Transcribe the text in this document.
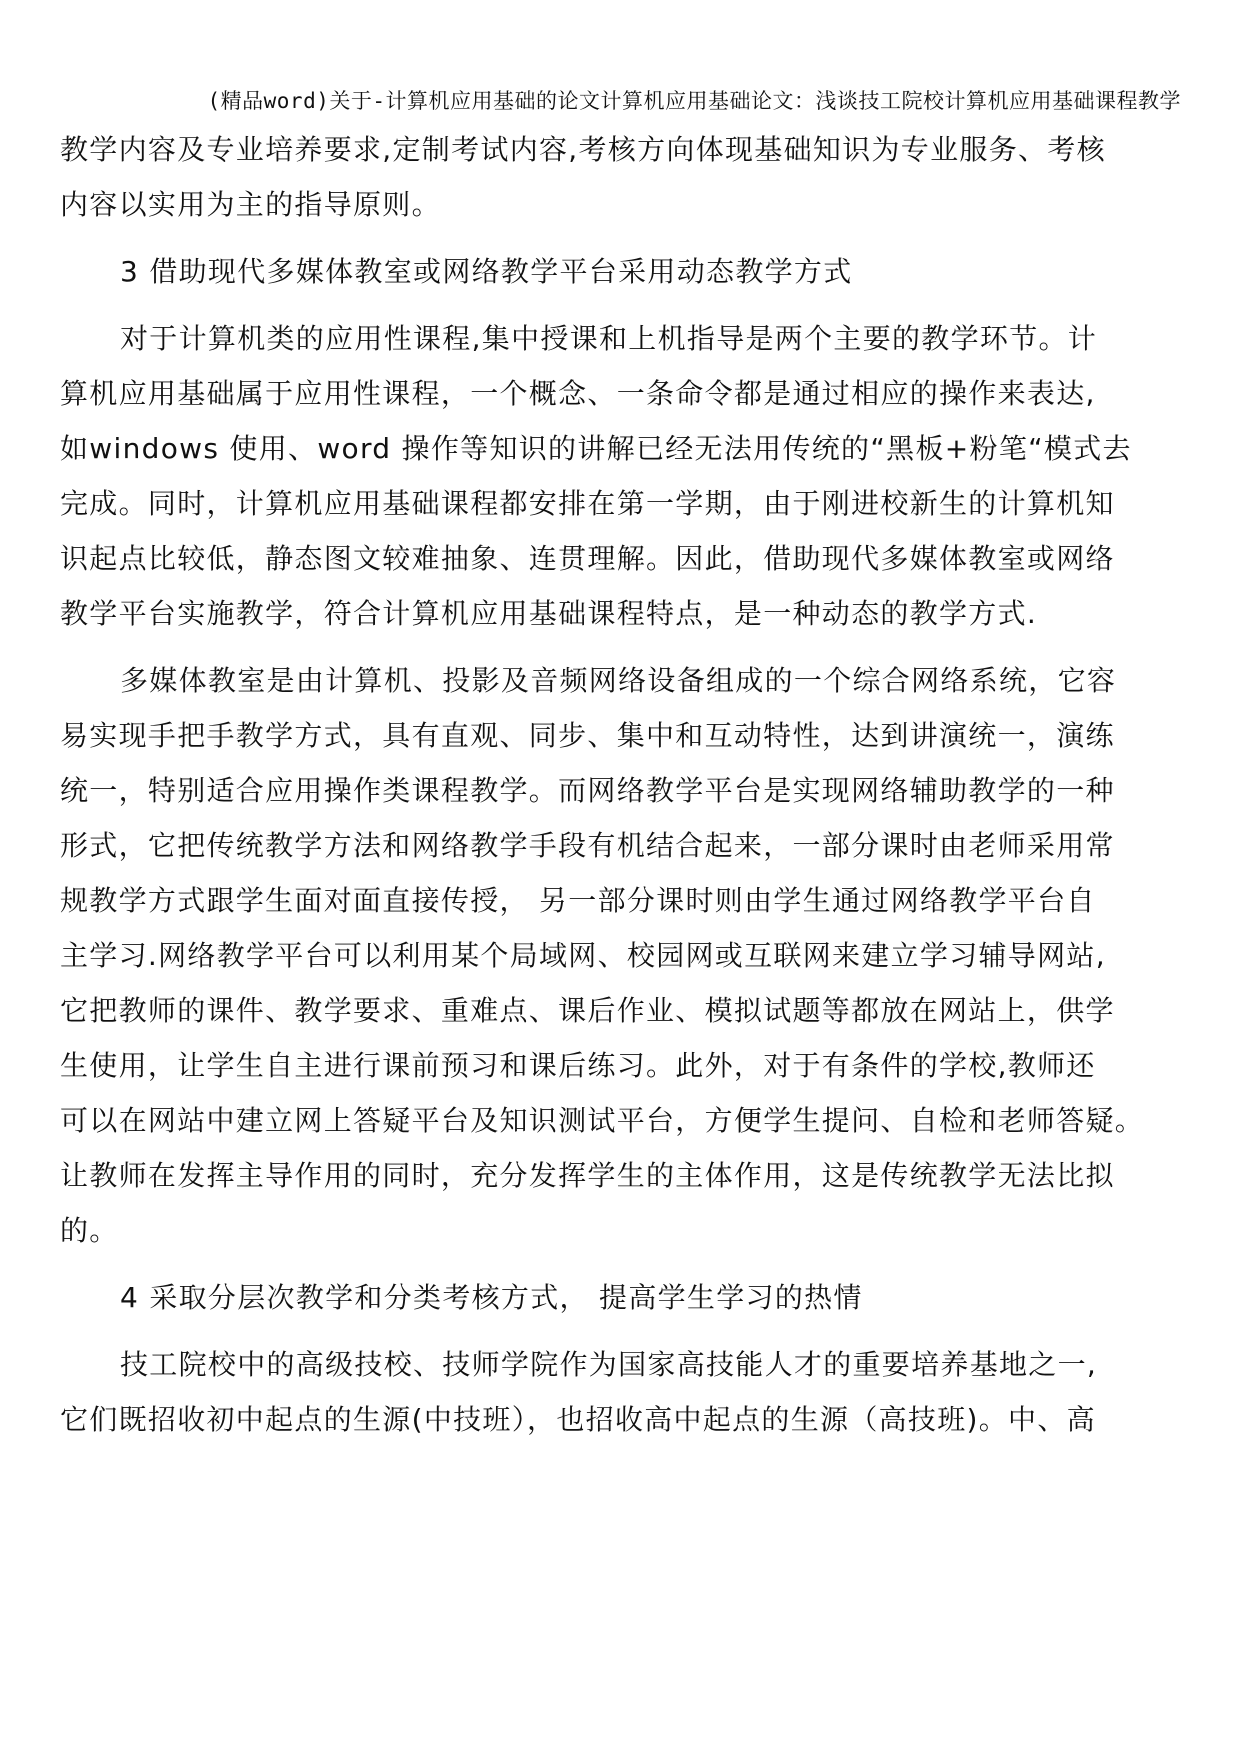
(精品word)关于-计算机应用基础的论文计算机应用基础论文：浅谈技工院校计算机应用基础课程教学
教学内容及专业培养要求,定制考试内容,考核方向体现基础知识为专业服务、考核
内容以实用为主的指导原则。
3 借助现代多媒体教室或网络教学平台采用动态教学方式
对于计算机类的应用性课程,集中授课和上机指导是两个主要的教学环节。计
算机应用基础属于应用性课程，一个概念、一条命令都是通过相应的操作来表达,
如windows 使用、word 操作等知识的讲解已经无法用传统的“黑板+粉笔“模式去
完成。同时，计算机应用基础课程都安排在第一学期，由于刚进校新生的计算机知
识起点比较低，静态图文较难抽象、连贯理解。因此，借助现代多媒体教室或网络
教学平台实施教学，符合计算机应用基础课程特点，是一种动态的教学方式.
多媒体教室是由计算机、投影及音频网络设备组成的一个综合网络系统，它容
易实现手把手教学方式，具有直观、同步、集中和互动特性，达到讲演统一，演练
统一，特别适合应用操作类课程教学。而网络教学平台是实现网络辅助教学的一种
形式，它把传统教学方法和网络教学手段有机结合起来，一部分课时由老师采用常
规教学方式跟学生面对面直接传授， 另一部分课时则由学生通过网络教学平台自
主学习.网络教学平台可以利用某个局域网、校园网或互联网来建立学习辅导网站,
它把教师的课件、教学要求、重难点、课后作业、模拟试题等都放在网站上，供学
生使用，让学生自主进行课前预习和课后练习。此外，对于有条件的学校,教师还
可以在网站中建立网上答疑平台及知识测试平台，方便学生提问、自检和老师答疑。
让教师在发挥主导作用的同时，充分发挥学生的主体作用，这是传统教学无法比拟
的。
4 采取分层次教学和分类考核方式， 提高学生学习的热情
技工院校中的高级技校、技师学院作为国家高技能人才的重要培养基地之一,
它们既招收初中起点的生源(中技班），也招收高中起点的生源（高技班)。中、高
